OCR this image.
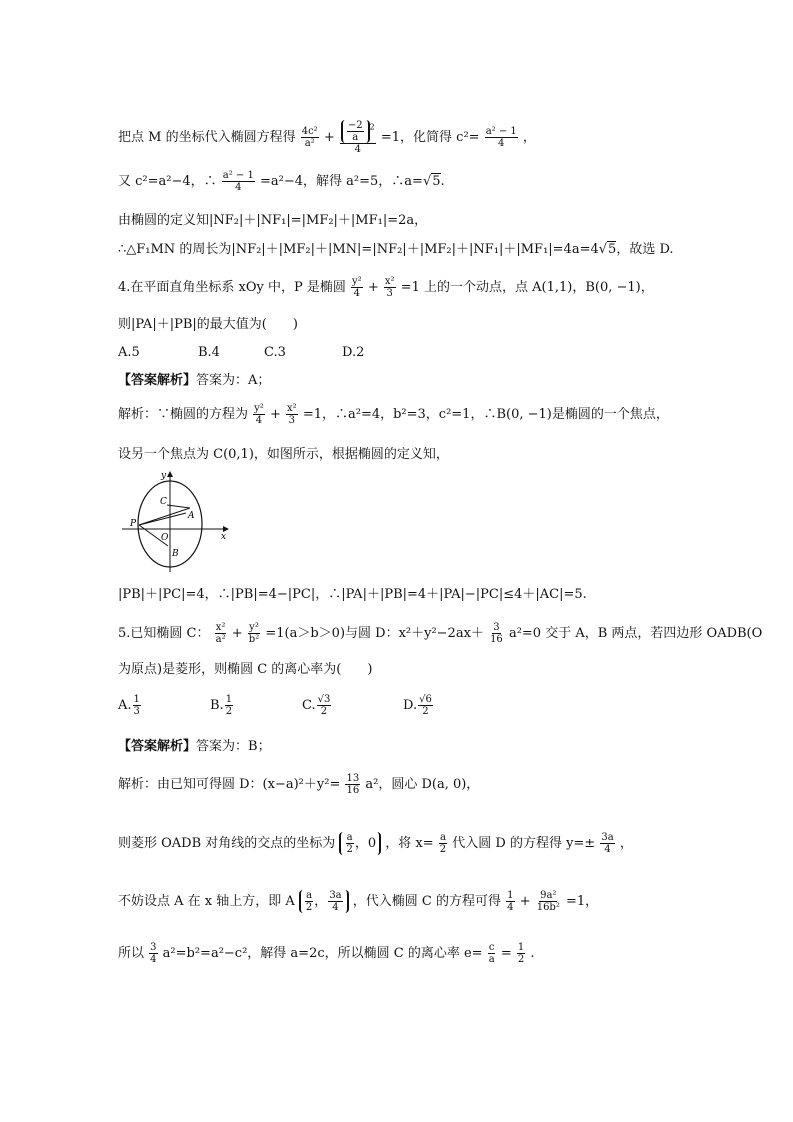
把点 M 的坐标代入椭圆方程得 $\frac{\text{4c²}}{\text{a²}} + \frac{\frac{-2}{a} ^2}{4} =1$，化简得 $c^2= \frac{\text{a² − 1}}{4}$ ，
又 c²=a²−4，∴ $\frac{\text{a² − 1}}{4} =a^2-4$，解得 a²=5，∴a=√5.
由椭圆的定义知|NF₂|＋|NF₁|=|MF₂|＋|MF₁|=2a，
∴△F₁MN 的周长为|NF₂|＋|MF₂|＋|MN|=|NF₂|＋|MF₂|＋|NF₁|＋|MF₁|=4a=4√5，故选 D.
4.在平面直角坐标系 xOy 中，P 是椭圆 $\frac{\text{y²}}{4} + \frac{\text{x²}}{3} =1$ 上的一个动点，点 A(1,1)，B(0, −1)，
则|PA|＋|PB|的最大值为(　　)
A.5	B.4	C.3	D.2
【答案解析】答案为：A；
解析：∵椭圆的方程为 $\frac{\text{y²}}{4} + \frac{\text{x²}}{3} =1$，∴a²=4，b²=3，c²=1，∴B(0, −1)是椭圆的一个焦点，
设另一个焦点为 C(0,1)，如图所示，根据椭圆的定义知，
y
x
C
A
P
O
B
|PB|＋|PC|=4，∴|PB|=4−|PC|，∴|PA|＋|PB|=4＋|PA|−|PC|≤4＋|AC|=5.
5.已知椭圆 C： $\frac{\text{x²}}{\text{a²}} + \frac{\text{y²}}{\text{b²}} =1(a>b>0)$与圆 D：$x^2+y^2-2ax+ \frac{3}{16} a^2=0$ 交于 A，B 两点，若四边形 OADB(O
为原点)是菱形，则椭圆 C 的离心率为(　　)
A. $\frac{1}{3}$	B. $\frac{1}{2}$	C. $\frac{√3}{2}$	D. $\frac{√6}{2}$
【答案解析】答案为：B；
解析：由已知可得圆 D：$(x-a)^2+y^2= \frac{13}{16} a^2$，圆心 D(a, 0)，
则菱形 OADB 对角线的交点的坐标为 $\frac{a}{2}$ ，0 ，将 $x= \frac{a}{2}$ 代入圆 D 的方程得 $y=\pm \frac{3a}{4}$ ，
不妨设点 A 在 x 轴上方，即 A $\frac{a}{2}$ ， $\frac{3a}{4}$ ，代入椭圆 C 的方程可得 $\frac{1}{4} + \frac{\text{9a²}}{\text{16b²}} =1$，
所以 $\frac{3}{4} a^2=b^2=a^2-c^2$，解得 a=2c，所以椭圆 C 的离心率 $e= \frac{c}{a} = \frac{1}{2}$ .
